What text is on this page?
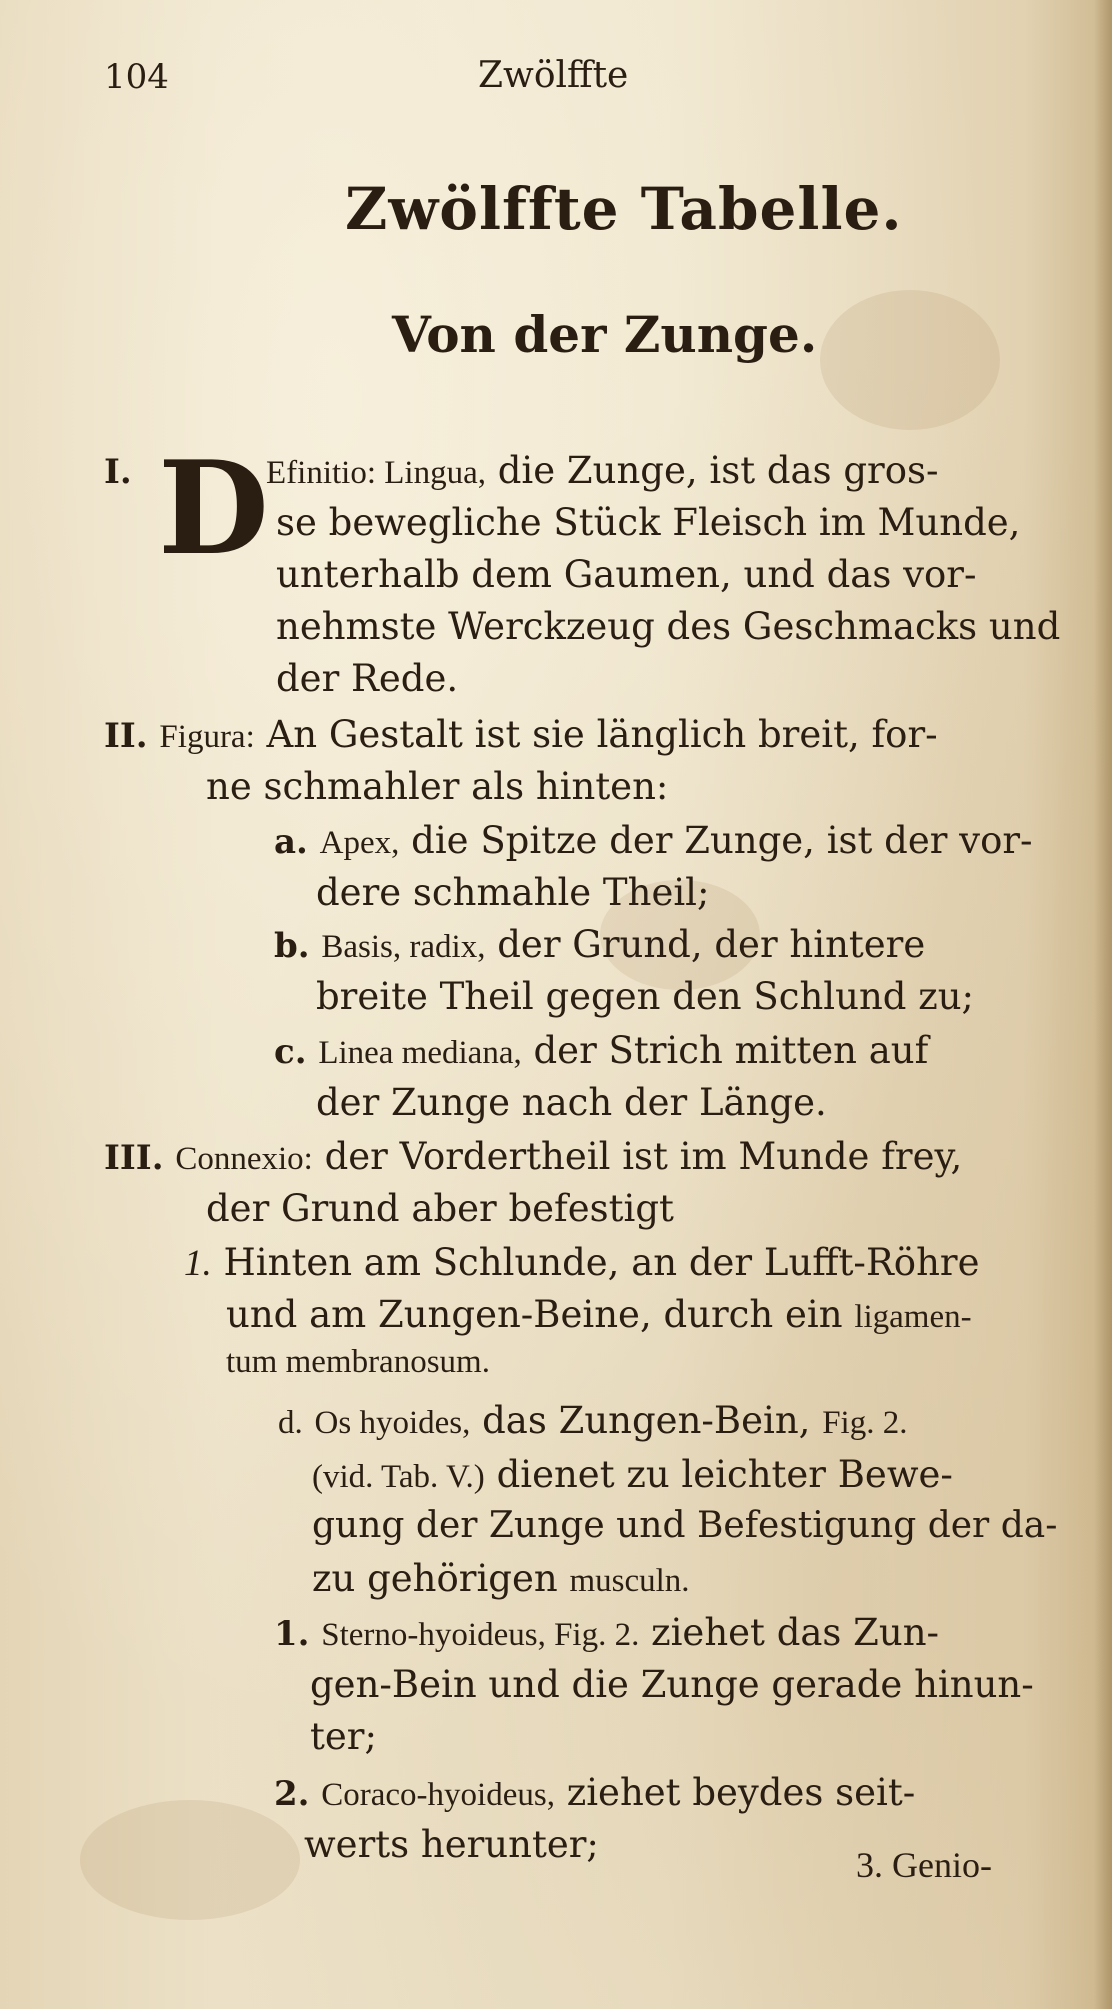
104	Zwölffte
Zwölffte Tabelle.
Von der Zunge.
I. D
Efinitio: Lingua, die Zunge, ist das gros-
se bewegliche Stück Fleisch im Munde,
unterhalb dem Gaumen, und das vor-
nehmste Werckzeug des Geschmacks und
der Rede.
II. Figura: An Gestalt ist sie länglich breit, for-
ne schmahler als hinten:
a. Apex, die Spitze der Zunge, ist der vor-
dere schmahle Theil;
b. Basis, radix, der Grund, der hintere
breite Theil gegen den Schlund zu;
c. Linea mediana, der Strich mitten auf
der Zunge nach der Länge.
III. Connexio: der Vordertheil ist im Munde frey,
der Grund aber befestigt
1. Hinten am Schlunde, an der Lufft-Röhre
und am Zungen-Beine, durch ein ligamen-
tum membranosum.
d. Os hyoides, das Zungen-Bein, Fig. 2.
(vid. Tab. V.) dienet zu leichter Bewe-
gung der Zunge und Befestigung der da-
zu gehörigen musculn.
1. Sterno-hyoideus, Fig. 2. ziehet das Zun-
gen-Bein und die Zunge gerade hinun-
ter;
2. Coraco-hyoideus, ziehet beydes seit-
werts herunter;	3. Genio-
